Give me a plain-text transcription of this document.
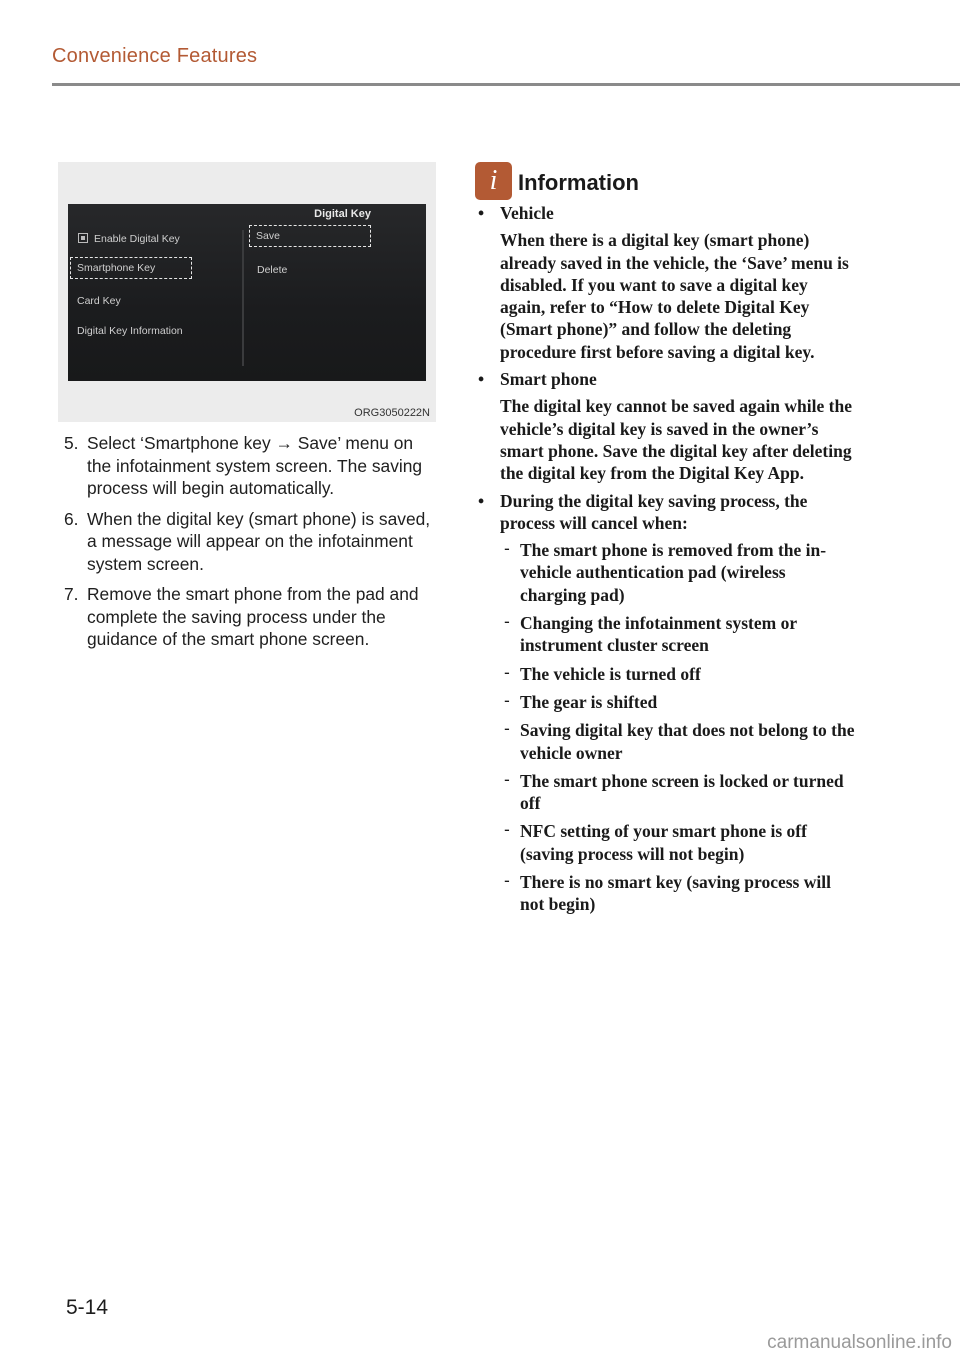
Convenience Features
Digital Key
Enable Digital Key
Smartphone Key
Card Key
Digital Key Information
Save
Delete
ORG3050222N
5. Select ‘Smartphone key → Save’ menu on the infotainment system screen. The saving process will begin automatically.
6. When the digital key (smart phone) is saved, a message will appear on the infotainment system screen.
7. Remove the smart phone from the pad and complete the saving process under the guidance of the smart phone screen.
i Information
• Vehicle
When there is a digital key (smart phone) already saved in the vehicle, the ‘Save’ menu is disabled. If you want to save a digital key again, refer to “How to delete Digital Key (Smart phone)” and follow the deleting procedure first before saving a digital key.
• Smart phone
The digital key cannot be saved again while the vehicle’s digital key is saved in the owner’s smart phone. Save the digital key after deleting the digital key from the Digital Key App.
• During the digital key saving process, the process will cancel when:
- The smart phone is removed from the in-vehicle authentication pad (wireless charging pad)
- Changing the infotainment system or instrument cluster screen
- The vehicle is turned off
- The gear is shifted
- Saving digital key that does not belong to the vehicle owner
- The smart phone screen is locked or turned off
- NFC setting of your smart phone is off (saving process will not begin)
- There is no smart key (saving process will not begin)
5-14
carmanualsonline.info
